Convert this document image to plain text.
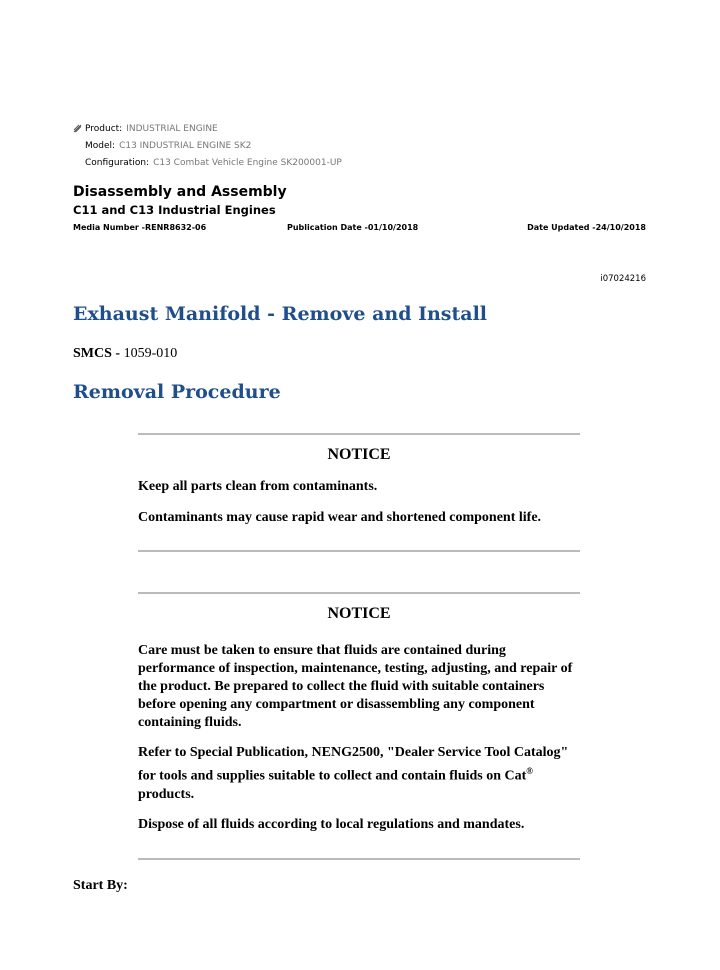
Product: INDUSTRIAL ENGINE
Model: C13 INDUSTRIAL ENGINE SK2
Configuration: C13 Combat Vehicle Engine SK200001-UP
Disassembly and Assembly
C11 and C13 Industrial Engines
Media Number -RENR8632-06	Publication Date -01/10/2018	Date Updated -24/10/2018
i07024216
Exhaust Manifold - Remove and Install
SMCS - 1059-010
Removal Procedure
NOTICE

Keep all parts clean from contaminants.

Contaminants may cause rapid wear and shortened component life.

NOTICE

Care must be taken to ensure that fluids are contained during performance of inspection, maintenance, testing, adjusting, and repair of the product. Be prepared to collect the fluid with suitable containers before opening any compartment or disassembling any component containing fluids.

Refer to Special Publication, NENG2500, "Dealer Service Tool Catalog" for tools and supplies suitable to collect and contain fluids on Cat® products.

Dispose of all fluids according to local regulations and mandates.

Start By:
